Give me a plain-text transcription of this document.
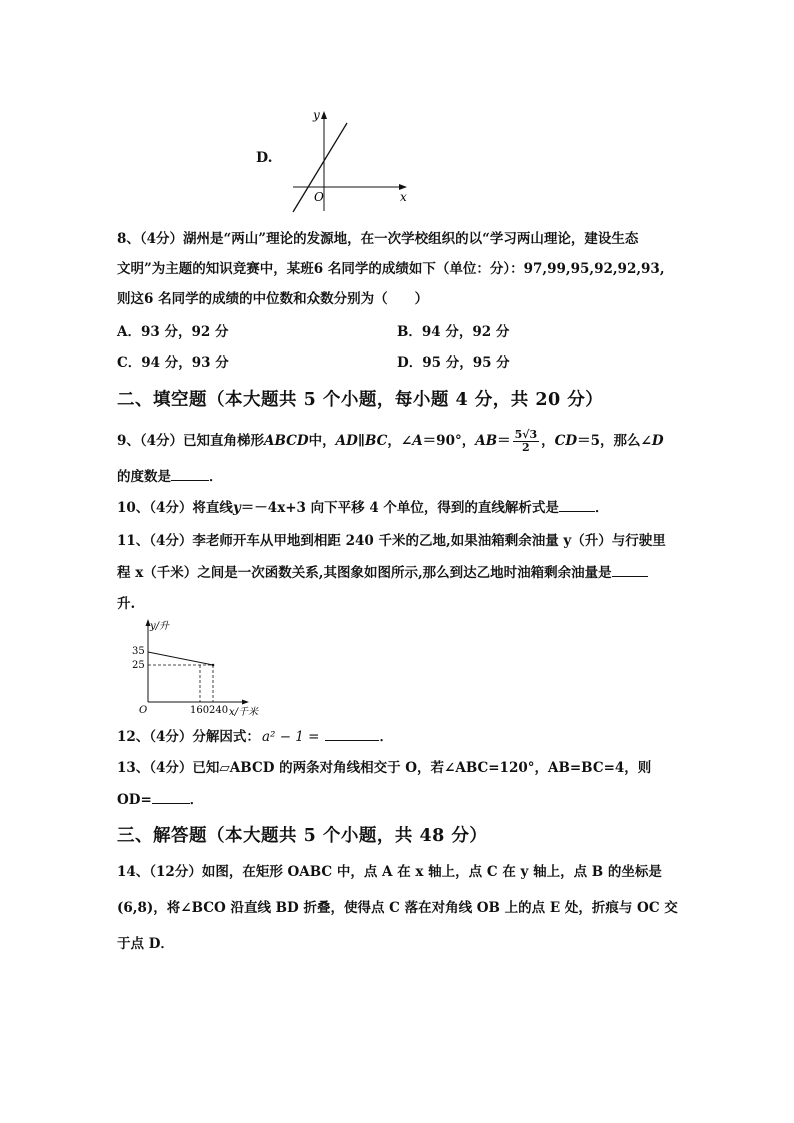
D.
y
x
O
8、（4分）湖州是“两山”理论的发源地，在一次学校组织的以“学习两山理论，建设生态
文明”为主题的知识竞赛中，某班6 名同学的成绩如下（单位：分）：97,99,95,92,92,93,
则这6 名同学的成绩的中位数和众数分别为（　　）
A．93 分，92 分	B．94 分，92 分
C．94 分，93 分	D．95 分，95 分
二、填空题（本大题共 5 个小题，每小题 4 分，共 20 分）
9、（4分）已知直角梯形ABCD中，AD∥BC，∠A＝90°，$AB= \frac{5√3}{2}$ ，CD＝5，那么∠D
的度数是	．
10、（4分）将直线y＝－4x+3 向下平移 4 个单位，得到的直线解析式是	．
11、（4分）李老师开车从甲地到相距 240 千米的乙地,如果油箱剩余油量 y（升）与行驶里
程 x（千米）之间是一次函数关系,其图象如图所示,那么到达乙地时油箱剩余油量是
升.
y/升
35
25
O	160 240 x/千米
12、（4分）分解因式： a² − 1 =	．
13、（4分）已知▱ABCD 的两条对角线相交于 O，若∠ABC=120°，AB=BC=4，则
OD=	．
三、解答题（本大题共 5 个小题，共 48 分）
14、（12分）如图，在矩形 OABC 中，点 A 在 x 轴上，点 C 在 y 轴上，点 B 的坐标是
(6,8)，将∠BCO 沿直线 BD 折叠，使得点 C 落在对角线 OB 上的点 E 处，折痕与 OC 交
于点 D．
